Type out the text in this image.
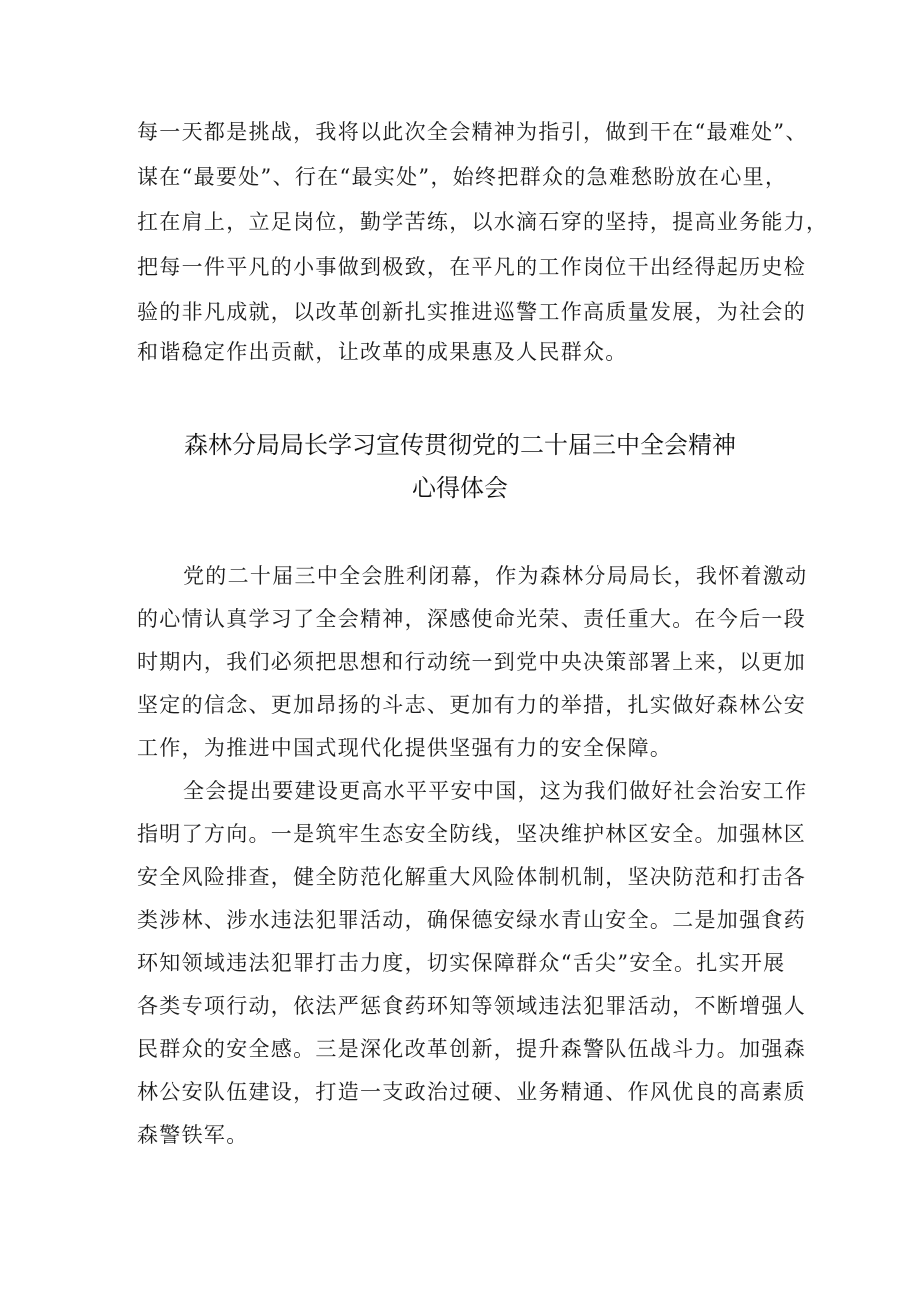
每一天都是挑战，我将以此次全会精神为指引，做到干在“最难处”、
谋在“最要处”、行在“最实处”，始终把群众的急难愁盼放在心里，
扛在肩上，立足岗位，勤学苦练，以水滴石穿的坚持，提高业务能力，
把每一件平凡的小事做到极致，在平凡的工作岗位干出经得起历史检
验的非凡成就，以改革创新扎实推进巡警工作高质量发展，为社会的
和谐稳定作出贡献，让改革的成果惠及人民群众。
森林分局局长学习宣传贯彻党的二十届三中全会精神
心得体会
党的二十届三中全会胜利闭幕，作为森林分局局长，我怀着激动
的心情认真学习了全会精神，深感使命光荣、责任重大。在今后一段
时期内，我们必须把思想和行动统一到党中央决策部署上来，以更加
坚定的信念、更加昂扬的斗志、更加有力的举措，扎实做好森林公安
工作，为推进中国式现代化提供坚强有力的安全保障。
全会提出要建设更高水平平安中国，这为我们做好社会治安工作
指明了方向。一是筑牢生态安全防线，坚决维护林区安全。加强林区
安全风险排查，健全防范化解重大风险体制机制，坚决防范和打击各
类涉林、涉水违法犯罪活动，确保德安绿水青山安全。二是加强食药
环知领域违法犯罪打击力度，切实保障群众“舌尖”安全。扎实开展
各类专项行动，依法严惩食药环知等领域违法犯罪活动，不断增强人
民群众的安全感。三是深化改革创新，提升森警队伍战斗力。加强森
林公安队伍建设，打造一支政治过硬、业务精通、作风优良的高素质
森警铁军。
